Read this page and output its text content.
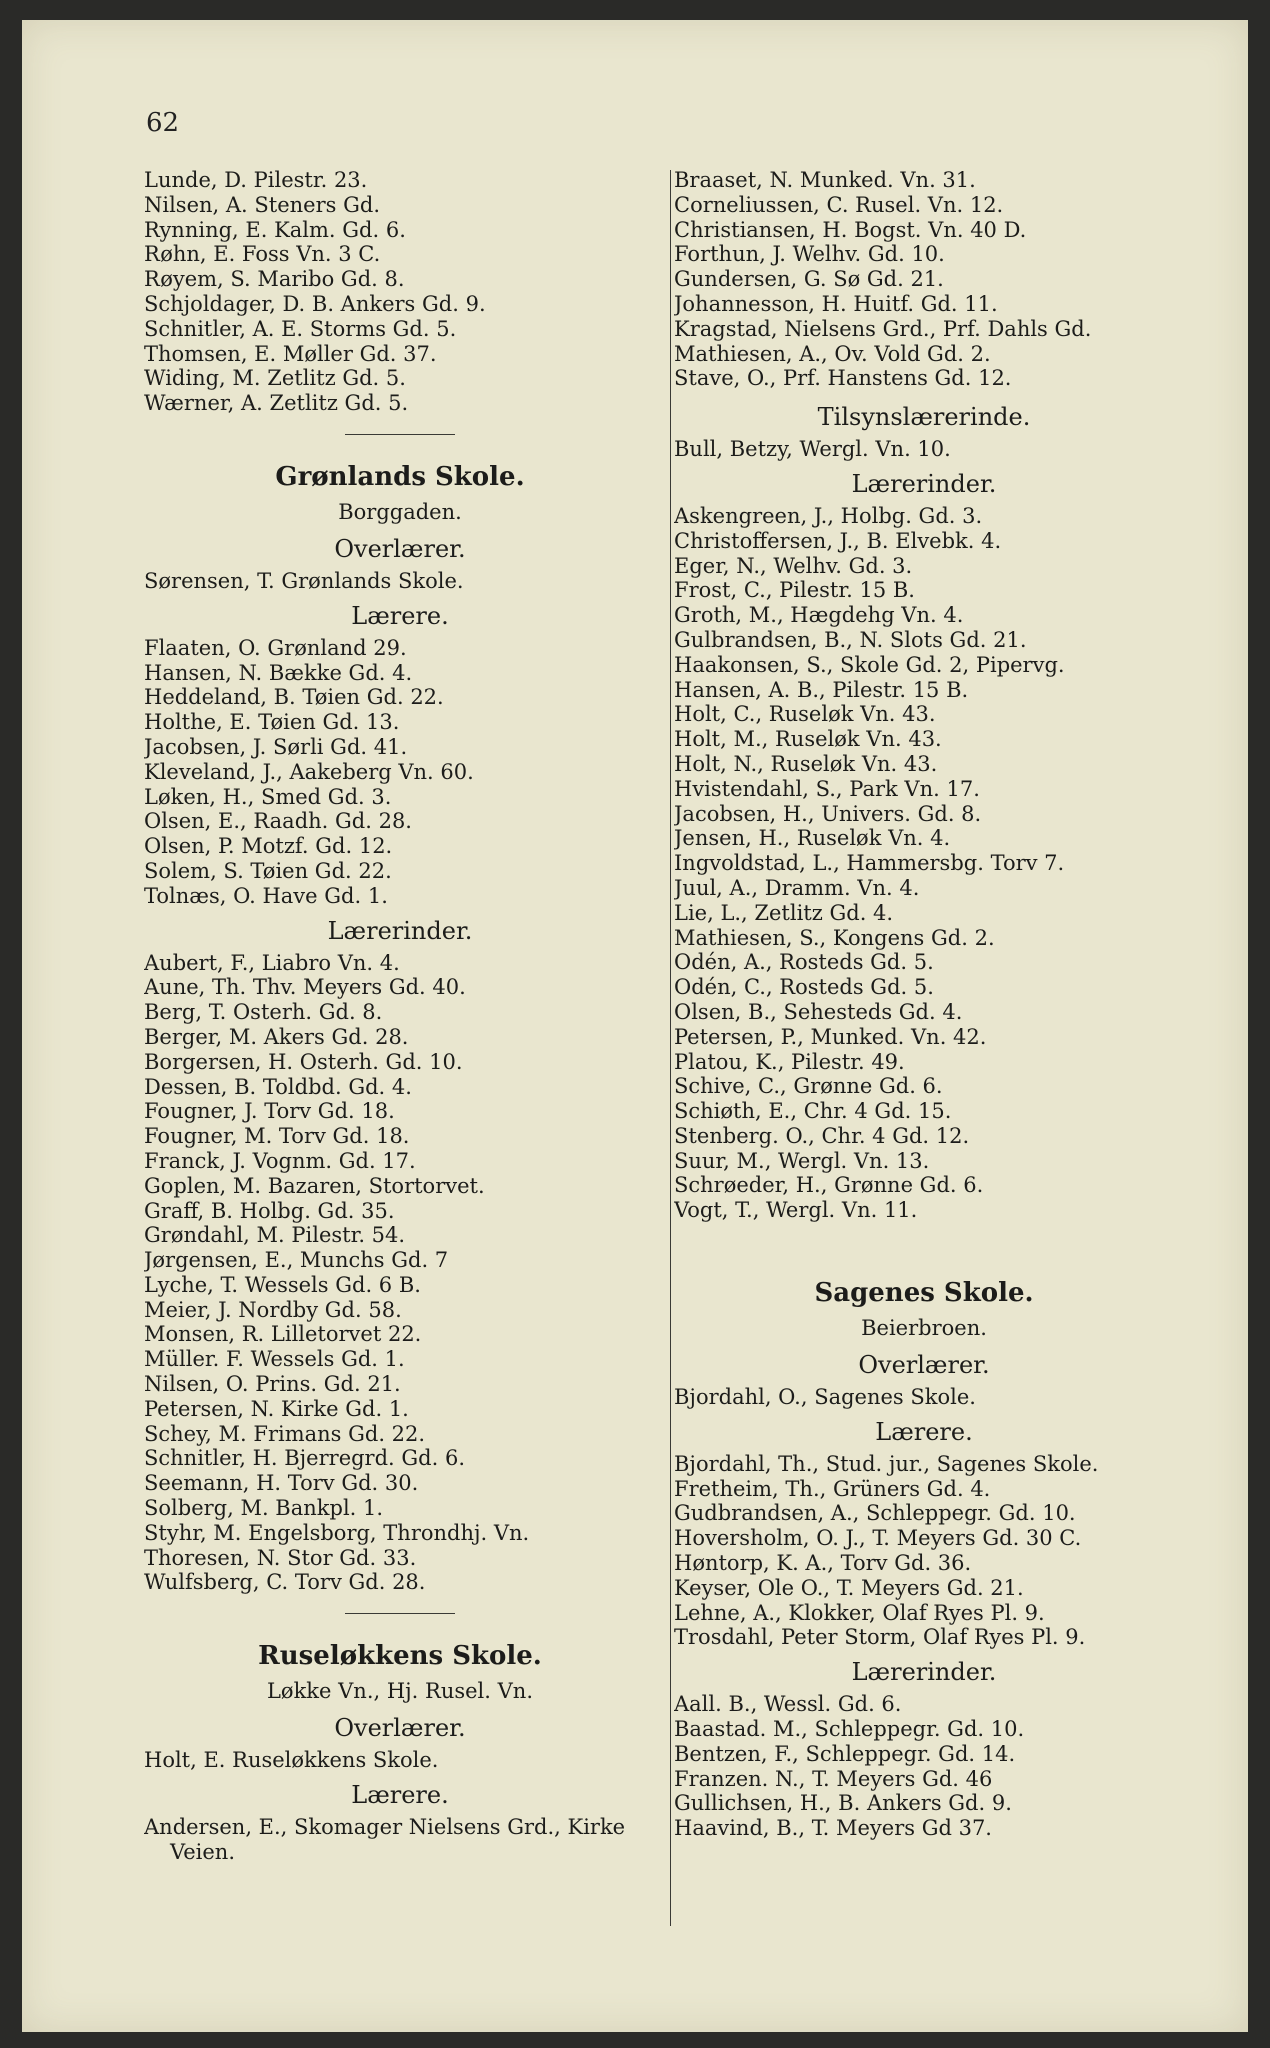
62
Lunde, D. Pilestr. 23.
Nilsen, A. Steners Gd.
Rynning, E. Kalm. Gd. 6.
Røhn, E. Foss Vn. 3 C.
Røyem, S. Maribo Gd. 8.
Schjoldager, D. B. Ankers Gd. 9.
Schnitler, A. E. Storms Gd. 5.
Thomsen, E. Møller Gd. 37.
Widing, M. Zetlitz Gd. 5.
Wærner, A. Zetlitz Gd. 5.
Grønlands Skole.
Borggaden.
Overlærer.
Sørensen, T. Grønlands Skole.
Lærere.
Flaaten, O. Grønland 29.
Hansen, N. Bække Gd. 4.
Heddeland, B. Tøien Gd. 22.
Holthe, E. Tøien Gd. 13.
Jacobsen, J. Sørli Gd. 41.
Kleveland, J., Aakeberg Vn. 60.
Løken, H., Smed Gd. 3.
Olsen, E., Raadh. Gd. 28.
Olsen, P. Motzf. Gd. 12.
Solem, S. Tøien Gd. 22.
Tolnæs, O. Have Gd. 1.
Lærerinder.
Aubert, F., Liabro Vn. 4.
Aune, Th. Thv. Meyers Gd. 40.
Berg, T. Osterh. Gd. 8.
Berger, M. Akers Gd. 28.
Borgersen, H. Osterh. Gd. 10.
Dessen, B. Toldbd. Gd. 4.
Fougner, J. Torv Gd. 18.
Fougner, M. Torv Gd. 18.
Franck, J. Vognm. Gd. 17.
Goplen, M. Bazaren, Stortorvet.
Graff, B. Holbg. Gd. 35.
Grøndahl, M. Pilestr. 54.
Jørgensen, E., Munchs Gd. 7
Lyche, T. Wessels Gd. 6 B.
Meier, J. Nordby Gd. 58.
Monsen, R. Lilletorvet 22.
Müller. F. Wessels Gd. 1.
Nilsen, O. Prins. Gd. 21.
Petersen, N. Kirke Gd. 1.
Schey, M. Frimans Gd. 22.
Schnitler, H. Bjerregrd. Gd. 6.
Seemann, H. Torv Gd. 30.
Solberg, M. Bankpl. 1.
Styhr, M. Engelsborg, Throndhj. Vn.
Thoresen, N. Stor Gd. 33.
Wulfsberg, C. Torv Gd. 28.
Ruseløkkens Skole.
Løkke Vn., Hj. Rusel. Vn.
Overlærer.
Holt, E. Ruseløkkens Skole.
Lærere.
Andersen, E., Skomager Nielsens Grd., Kirke
Veien.
Braaset, N. Munked. Vn. 31.
Corneliussen, C. Rusel. Vn. 12.
Christiansen, H. Bogst. Vn. 40 D.
Forthun, J. Welhv. Gd. 10.
Gundersen, G. Sø Gd. 21.
Johannesson, H. Huitf. Gd. 11.
Kragstad, Nielsens Grd., Prf. Dahls Gd.
Mathiesen, A., Ov. Vold Gd. 2.
Stave, O., Prf. Hanstens Gd. 12.
Tilsynslærerinde.
Bull, Betzy, Wergl. Vn. 10.
Lærerinder.
Askengreen, J., Holbg. Gd. 3.
Christoffersen, J., B. Elvebk. 4.
Eger, N., Welhv. Gd. 3.
Frost, C., Pilestr. 15 B.
Groth, M., Hægdehg Vn. 4.
Gulbrandsen, B., N. Slots Gd. 21.
Haakonsen, S., Skole Gd. 2, Pipervg.
Hansen, A. B., Pilestr. 15 B.
Holt, C., Ruseløk Vn. 43.
Holt, M., Ruseløk Vn. 43.
Holt, N., Ruseløk Vn. 43.
Hvistendahl, S., Park Vn. 17.
Jacobsen, H., Univers. Gd. 8.
Jensen, H., Ruseløk Vn. 4.
Ingvoldstad, L., Hammersbg. Torv 7.
Juul, A., Dramm. Vn. 4.
Lie, L., Zetlitz Gd. 4.
Mathiesen, S., Kongens Gd. 2.
Odén, A., Rosteds Gd. 5.
Odén, C., Rosteds Gd. 5.
Olsen, B., Sehesteds Gd. 4.
Petersen, P., Munked. Vn. 42.
Platou, K., Pilestr. 49.
Schive, C., Grønne Gd. 6.
Schiøth, E., Chr. 4 Gd. 15.
Stenberg. O., Chr. 4 Gd. 12.
Suur, M., Wergl. Vn. 13.
Schrøeder, H., Grønne Gd. 6.
Vogt, T., Wergl. Vn. 11.
Sagenes Skole.
Beierbroen.
Overlærer.
Bjordahl, O., Sagenes Skole.
Lærere.
Bjordahl, Th., Stud. jur., Sagenes Skole.
Fretheim, Th., Grüners Gd. 4.
Gudbrandsen, A., Schleppegr. Gd. 10.
Hoversholm, O. J., T. Meyers Gd. 30 C.
Høntorp, K. A., Torv Gd. 36.
Keyser, Ole O., T. Meyers Gd. 21.
Lehne, A., Klokker, Olaf Ryes Pl. 9.
Trosdahl, Peter Storm, Olaf Ryes Pl. 9.
Lærerinder.
Aall. B., Wessl. Gd. 6.
Baastad. M., Schleppegr. Gd. 10.
Bentzen, F., Schleppegr. Gd. 14.
Franzen. N., T. Meyers Gd. 46
Gullichsen, H., B. Ankers Gd. 9.
Haavind, B., T. Meyers Gd 37.
